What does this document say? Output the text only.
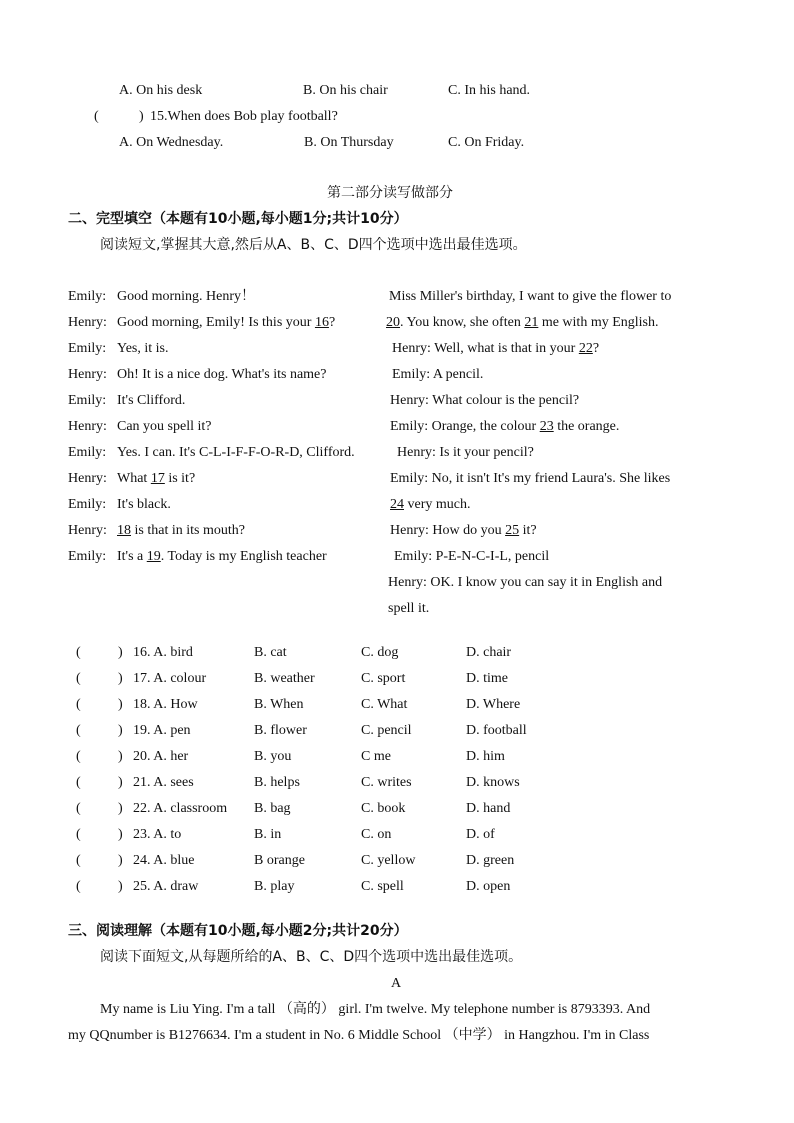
A. On his desk	B. On his chair	C. In his hand.
(	) 15.When does Bob play football?
A. On Wednesday.	B. On Thursday	C. On Friday.
第二部分读写做部分
二、完型填空（本题有10小题,每小题1分;共计10分）
阅读短文,掌握其大意,然后从A、B、C、D四个选项中选出最佳选项。
Emily: Good morning. Henry！
Henry: Good morning, Emily! Is this your 16?
Emily: Yes, it is.
Henry: Oh! It is a nice dog. What's its name?
Emily: It's Clifford.
Henry: Can you spell it?
Emily: Yes. I can. It's C-L-I-F-F-O-R-D, Clifford.
Henry: What 17 is it?
Emily: It's black.
Henry: 18 is that in its mouth?
Emily: It's a 19. Today is my English teacher
Miss Miller's birthday, I want to give the flower to
20. You know, she often 21 me with my English.
Henry: Well, what is that in your 22?
Emily: A pencil.
Henry: What colour is the pencil?
Emily: Orange, the colour 23 the orange.
Henry: Is it your pencil?
Emily: No, it isn't It's my friend Laura's. She likes
24 very much.
Henry: How do you 25 it?
Emily: P-E-N-C-I-L, pencil
Henry: OK. I know you can say it in English and
spell it.
(	) 16. A. bird	B. cat	C. dog	D. chair
(	) 17. A. colour	B. weather	C. sport	D. time
(	) 18. A. How	B. When	C. What	D. Where
(	) 19. A. pen	B. flower	C. pencil	D. football
(	) 20. A. her	B. you	C me	D. him
(	) 21. A. sees	B. helps	C. writes	D. knows
(	) 22. A. classroom B. bag	C. book	D. hand
(	) 23. A. to	B. in	C. on	D. of
(	) 24. A. blue	B orange	C. yellow	D. green
(	) 25. A. draw	B. play	C. spell	D. open
三、阅读理解（本题有10小题,每小题2分;共计20分）
阅读下面短文,从每题所给的A、B、C、D四个选项中选出最佳选项。
A
My name is Liu Ying. I'm a tall （高的） girl. I'm twelve. My telephone number is 8793393. And
my QQnumber is B1276634. I'm a student in No. 6 Middle School （中学） in Hangzhou. I'm in Class
